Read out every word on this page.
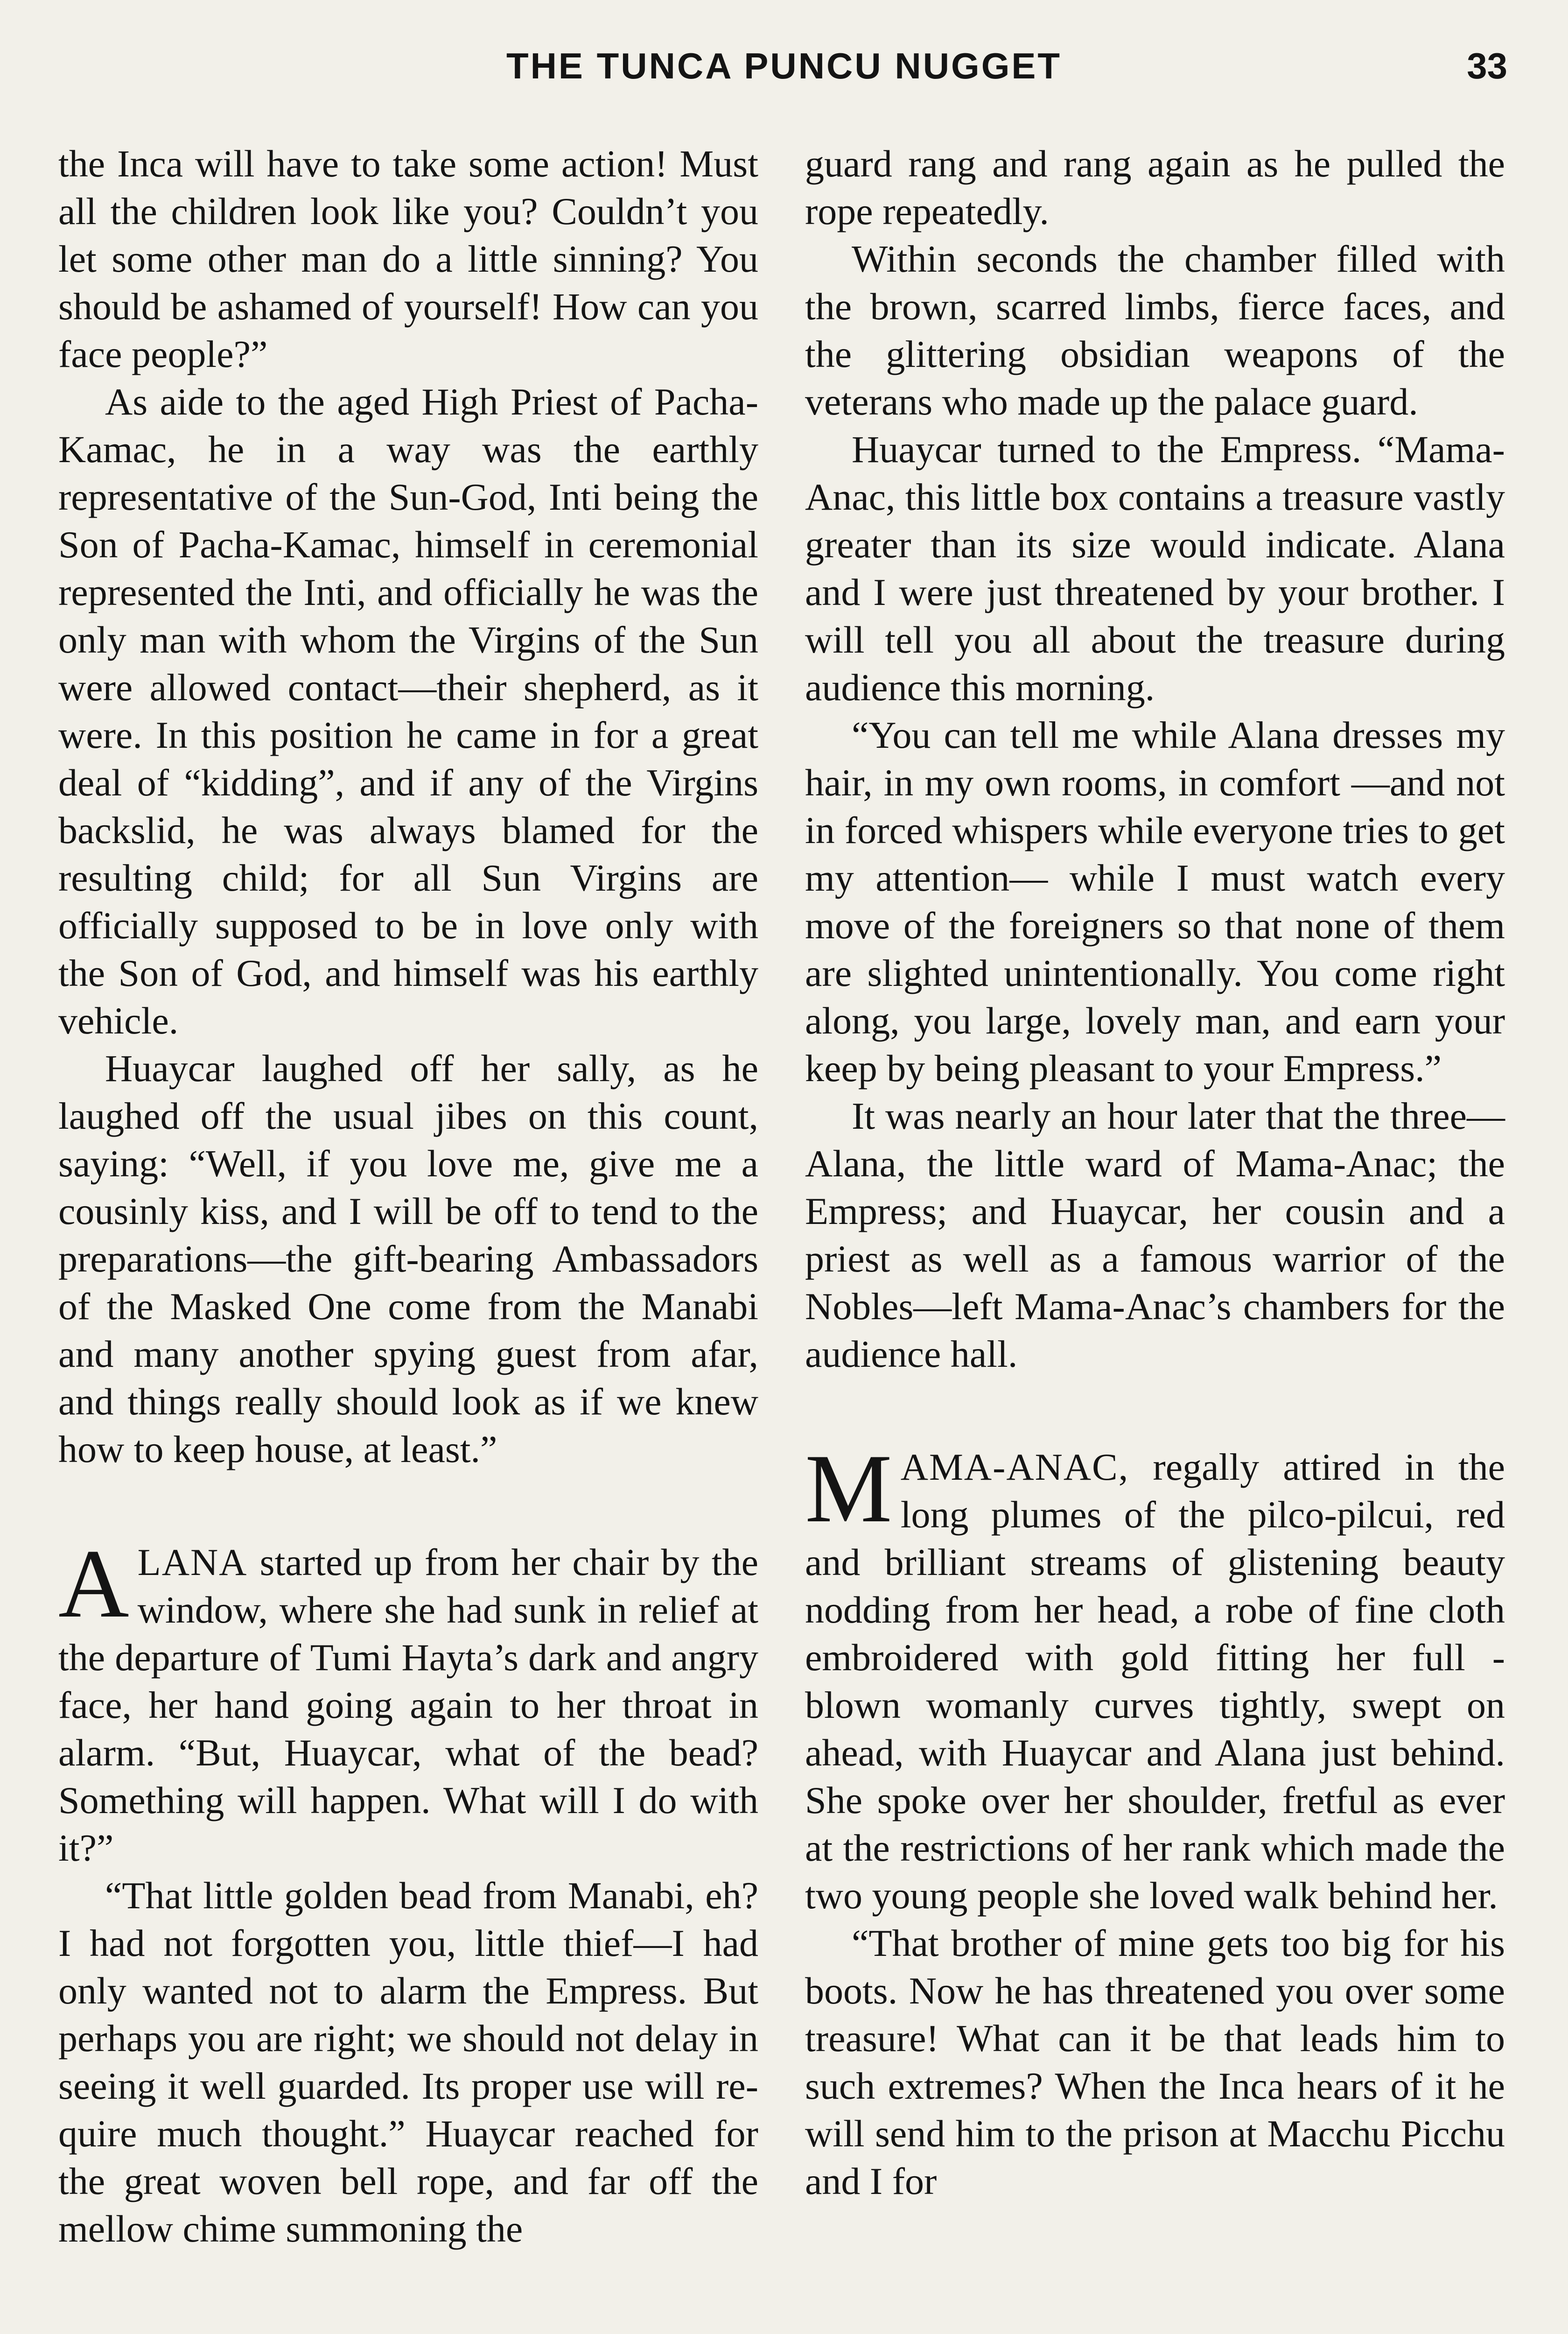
THE TUNCA PUNCU NUGGET	33

the Inca will have to take some action! Must all the children look like you? Couldn’t you let some other man do a little sinning? You should be ashamed of yourself! How can you face people?”

As aide to the aged High Priest of Pacha-Kamac, he in a way was the earthly representative of the Sun-God, Inti being the Son of Pacha-Kamac, himself in ceremonial represented the Inti, and officially he was the only man with whom the Virgins of the Sun were allowed contact—their shepherd, as it were. In this position he came in for a great deal of “kidding”, and if any of the Virgins backslid, he was always blamed for the resulting child; for all Sun Virgins are officially supposed to be in love only with the Son of God, and himself was his earthly vehicle.

Huaycar laughed off her sally, as he laughed off the usual jibes on this count, saying: “Well, if you love me, give me a cousinly kiss, and I will be off to tend to the preparations—the gift-bearing Ambassadors of the Masked One come from the Manabi and many another spying guest from afar, and things really should look as if we knew how to keep house, at least.”

ALANA started up from her chair by the window, where she had sunk in relief at the departure of Tumi Hayta’s dark and angry face, her hand going again to her throat in alarm. “But, Huaycar, what of the bead? Something will happen. What will I do with it?”

“That little golden bead from Manabi, eh? I had not forgotten you, little thief—I had only wanted not to alarm the Empress. But perhaps you are right; we should not delay in seeing it well guarded. Its proper use will require much thought.” Huaycar reached for the great woven bell rope, and far off the mellow chime summoning the

guard rang and rang again as he pulled the rope repeatedly.

Within seconds the chamber filled with the brown, scarred limbs, fierce faces, and the glittering obsidian weapons of the veterans who made up the palace guard.

Huaycar turned to the Empress. “Mama-Anac, this little box contains a treasure vastly greater than its size would indicate. Alana and I were just threatened by your brother. I will tell you all about the treasure during audience this morning.

“You can tell me while Alana dresses my hair, in my own rooms, in comfort —and not in forced whispers while everyone tries to get my attention— while I must watch every move of the foreigners so that none of them are slighted unintentionally. You come right along, you large, lovely man, and earn your keep by being pleasant to your Empress.”

It was nearly an hour later that the three—Alana, the little ward of Mama-Anac; the Empress; and Huaycar, her cousin and a priest as well as a famous warrior of the Nobles—left Mama-Anac’s chambers for the audience hall.

MAMA-ANAC, regally attired in the long plumes of the pilco-pilcui, red and brilliant streams of glistening beauty nodding from her head, a robe of fine cloth embroidered with gold fitting her full - blown womanly curves tightly, swept on ahead, with Huaycar and Alana just behind. She spoke over her shoulder, fretful as ever at the restrictions of her rank which made the two young people she loved walk behind her.

“That brother of mine gets too big for his boots. Now he has threatened you over some treasure! What can it be that leads him to such extremes? When the Inca hears of it he will send him to the prison at Macchu Picchu and I for
